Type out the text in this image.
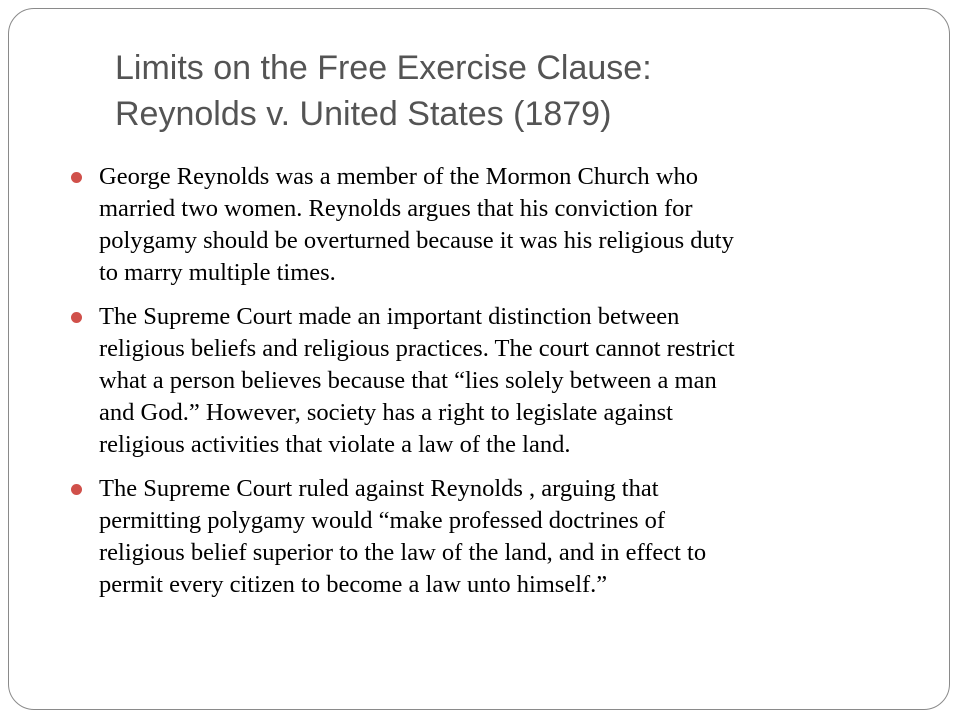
Limits on the Free Exercise Clause:
Reynolds v. United States (1879)
George Reynolds was a member of the Mormon Church who
married two women. Reynolds argues that his conviction for
polygamy should be overturned because it was his religious duty
to marry multiple times.
The Supreme Court made an important distinction between
religious beliefs and religious practices. The court cannot restrict
what a person believes because that “lies solely between a man
and God.” However, society has a right to legislate against
religious activities that violate a law of the land.
The Supreme Court ruled against Reynolds , arguing that
permitting polygamy would “make professed doctrines of
religious belief superior to the law of the land, and in effect to
permit every citizen to become a law unto himself.”
